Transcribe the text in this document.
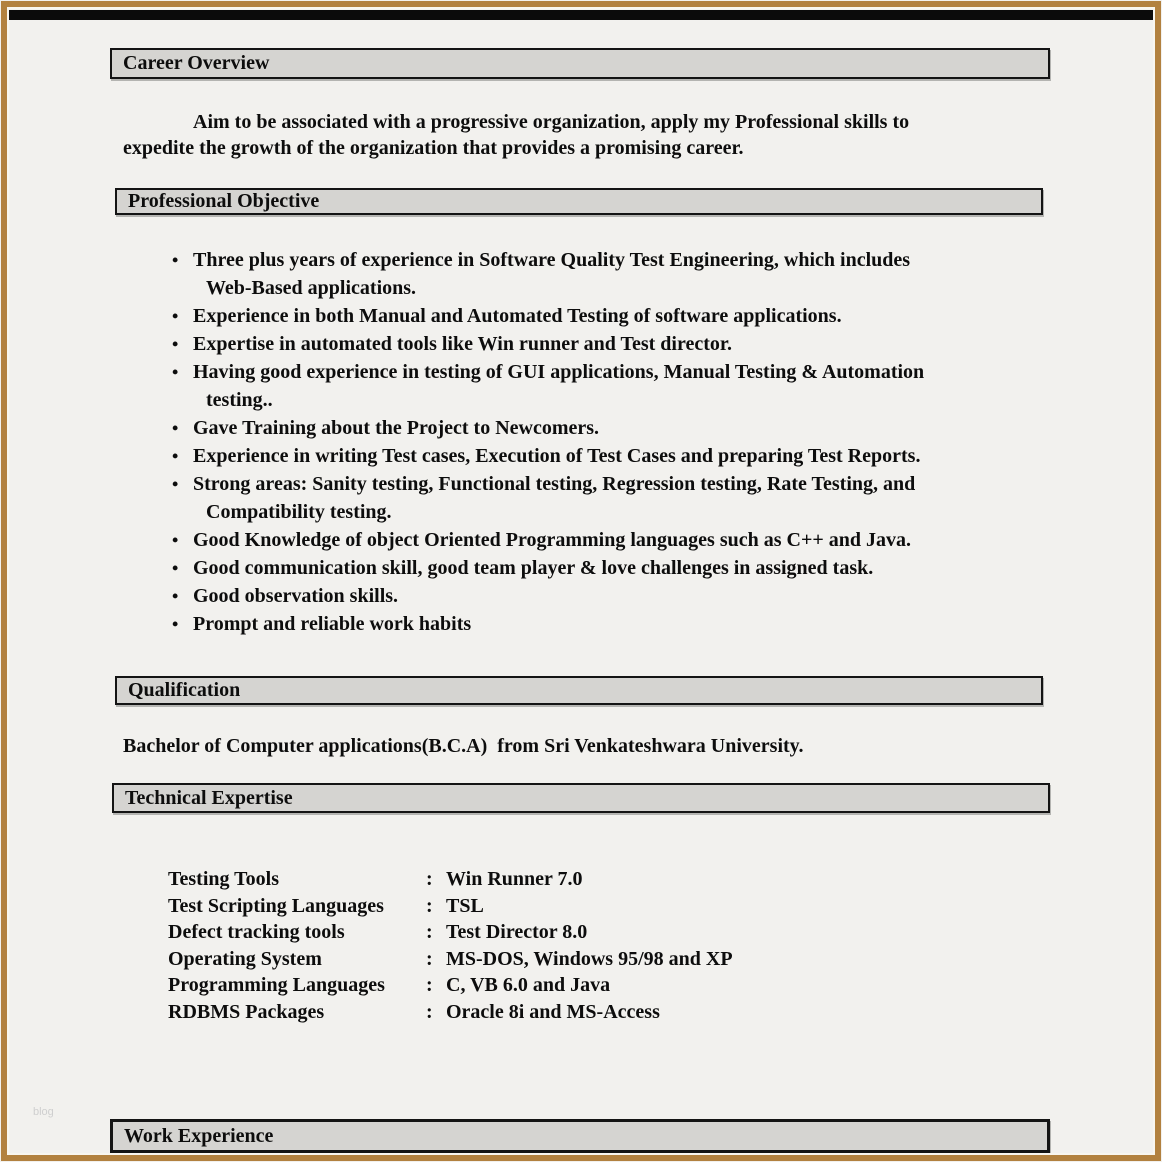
Career Overview
Aim to be associated with a progressive organization, apply my Professional skills to
expedite the growth of the organization that provides a promising career.
Professional Objective
•
Three plus years of experience in Software Quality Test Engineering, which includes
Web-Based applications.
•
Experience in both Manual and Automated Testing of software applications.
•
Expertise in automated tools like Win runner and Test director.
•
Having good experience in testing of GUI applications, Manual Testing & Automation
testing..
•
Gave Training about the Project to Newcomers.
•
Experience in writing Test cases, Execution of Test Cases and preparing Test Reports.
•
Strong areas: Sanity testing, Functional testing, Regression testing, Rate Testing, and
Compatibility testing.
•
Good Knowledge of object Oriented Programming languages such as C++ and Java.
•
Good communication skill, good team player & love challenges in assigned task.
•
Good observation skills.
•
Prompt and reliable work habits
Qualification
Bachelor of Computer applications(B.C.A)  from Sri Venkateshwara University.
Technical Expertise
Testing Tools	: Win Runner 7.0
Test Scripting Languages	: TSL
Defect tracking tools	: Test Director 8.0
Operating System	: MS-DOS, Windows 95/98 and XP
Programming Languages	: C, VB 6.0 and Java
RDBMS Packages	: Oracle 8i and MS-Access
blog
Work Experience
